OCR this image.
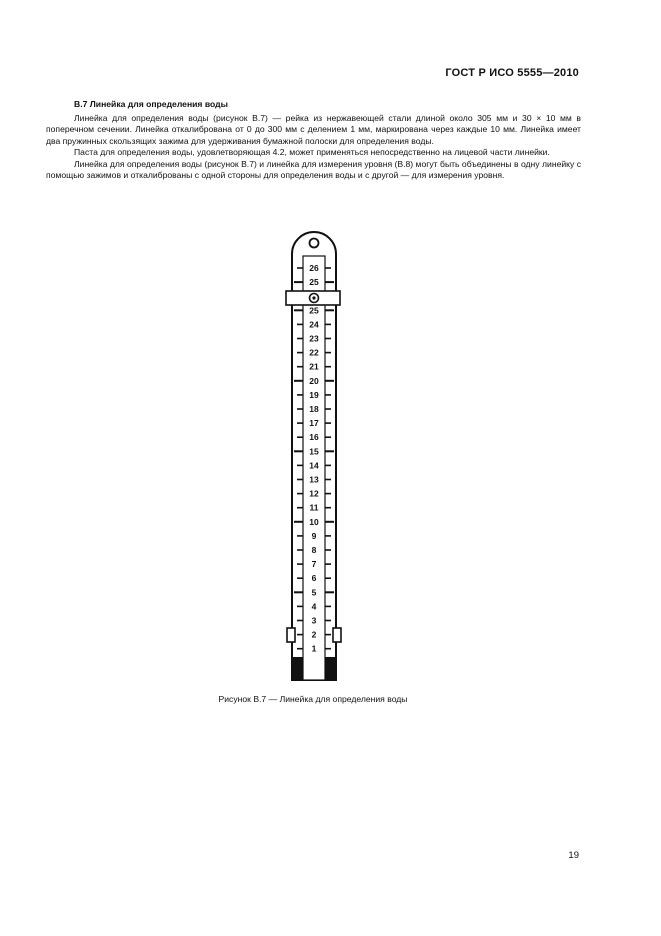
ГОСТ Р ИСО 5555—2010

В.7 Линейка для определения воды

Линейка для определения воды (рисунок В.7) — рейка из нержавеющей стали длиной около 305 мм и 30 × 10 мм в поперечном сечении. Линейка откалибрована от 0 до 300 мм с делением 1 мм, маркирована через каждые 10 мм. Линейка имеет два пружинных скользящих зажима для удерживания бумажной полоски для определения воды.

Паста для определения воды, удовлетворяющая 4.2, может применяться непосредственно на лицевой части линейки.

Линейка для определения воды (рисунок В.7) и линейка для измерения уровня (В.8) могут быть объединены в одну линейку с помощью зажимов и откалиброваны с одной стороны для определения воды и с другой — для измерения уровня.

26
25
25
24
23
22
21
20
19
18
17
16
15
14
13
12
11
10
9
8
7
6
5
4
3
2
1
Рисунок В.7 — Линейка для определения воды
19
